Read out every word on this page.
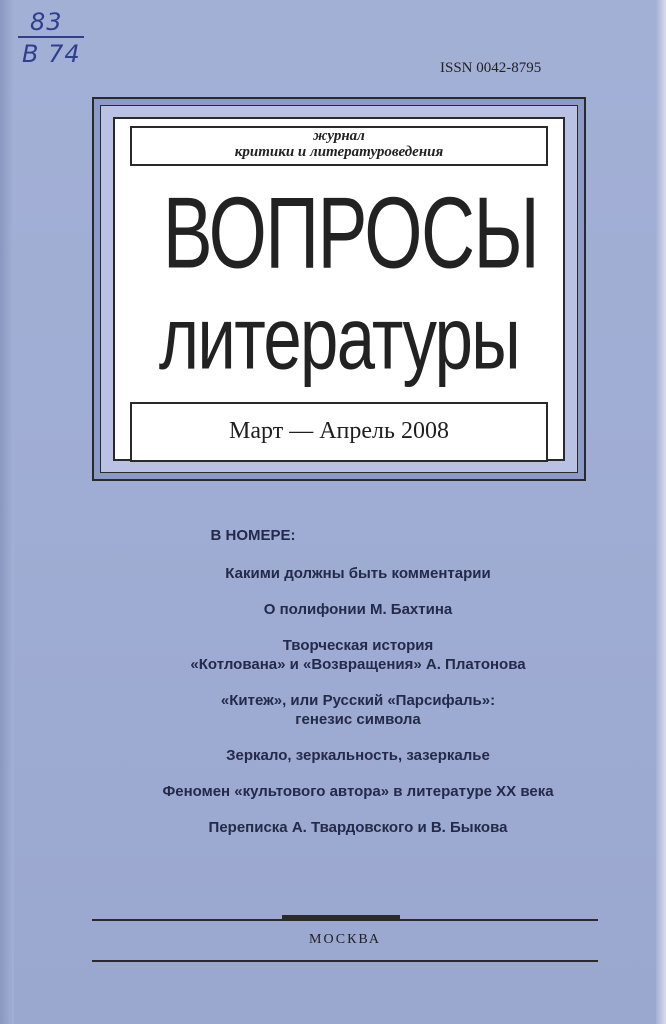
83
В 74	ISSN 0042-8795
журнал
критики и литературоведения
ВОПРОСЫ
литературы
Март — Апрель 2008
В НОМЕРЕ:
Какими должны быть комментарии
О полифонии М. Бахтина
Творческая история
«Котлована» и «Возвращения» А. Платонова
«Китеж», или Русский «Парсифаль»:
генезис символа
Зеркало, зеркальность, зазеркалье
Феномен «культового автора» в литературе XX века
Переписка А. Твардовского и В. Быкова
МОСКВА
